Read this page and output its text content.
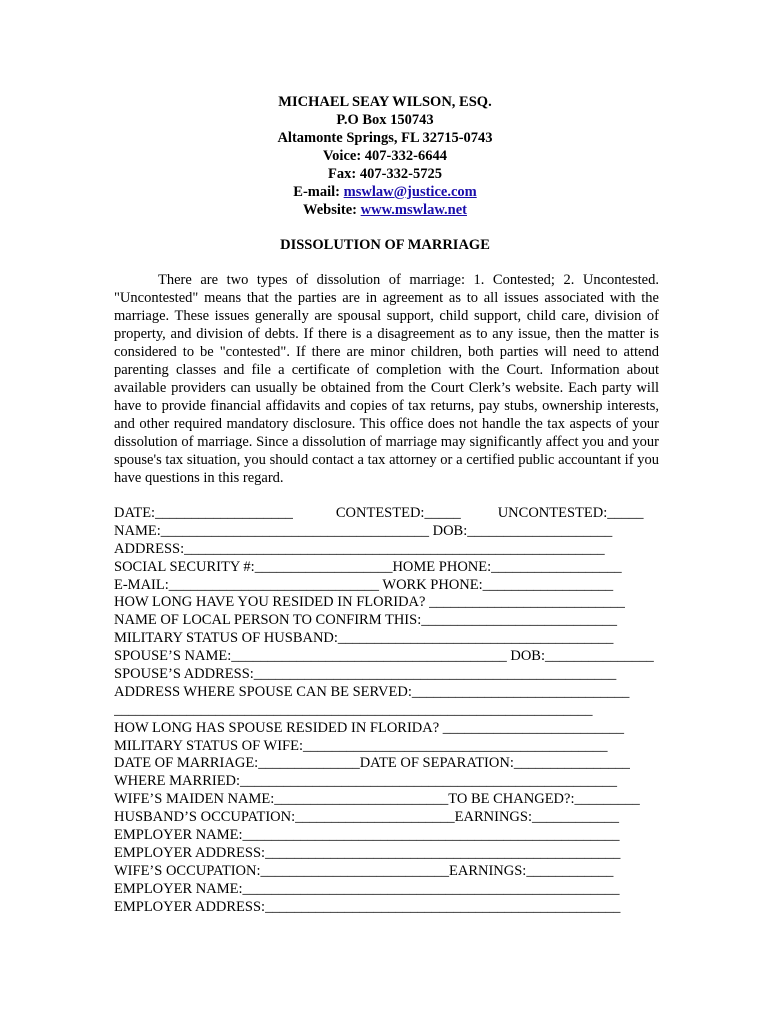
MICHAEL SEAY WILSON, ESQ.
P.O Box 150743
Altamonte Springs, FL 32715-0743
Voice: 407-332-6644
Fax: 407-332-5725
E-mail: mswlaw@justice.com
Website: www.mswlaw.net
DISSOLUTION OF MARRIAGE

There are two types of dissolution of marriage: 1. Contested; 2. Uncontested. "Uncontested" means that the parties are in agreement as to all issues associated with the marriage. These issues generally are spousal support, child support, child care, division of property, and division of debts. If there is a disagreement as to any issue, then the matter is considered to be "contested". If there are minor children, both parties will need to attend parenting classes and file a certificate of completion with the Court. Information about available providers can usually be obtained from the Court Clerk’s website. Each party will have to provide financial affidavits and copies of tax returns, pay stubs, ownership interests, and other required mandatory disclosure. This office does not handle the tax aspects of your dissolution of marriage. Since a dissolution of marriage may significantly affect you and your spouse's tax situation, you should contact a tax attorney or a certified public accountant if you have questions in this regard.

DATE:___________________	CONTESTED:_____	UNCONTESTED:_____
NAME:_____________________________________ DOB:____________________
ADDRESS:__________________________________________________________
SOCIAL SECURITY #:___________________HOME PHONE:__________________
E-MAIL:_____________________________ WORK PHONE:__________________
HOW LONG HAVE YOU RESIDED IN FLORIDA? ___________________________
NAME OF LOCAL PERSON TO CONFIRM THIS:___________________________
MILITARY STATUS OF HUSBAND:______________________________________
SPOUSE’S NAME:______________________________________ DOB:_______________
SPOUSE’S ADDRESS:__________________________________________________
ADDRESS WHERE SPOUSE CAN BE SERVED:______________________________
__________________________________________________________________
HOW LONG HAS SPOUSE RESIDED IN FLORIDA? _________________________
MILITARY STATUS OF WIFE:__________________________________________
DATE OF MARRIAGE:______________DATE OF SEPARATION:________________
WHERE MARRIED:____________________________________________________
WIFE’S MAIDEN NAME:________________________TO BE CHANGED?:_________
HUSBAND’S OCCUPATION:______________________EARNINGS:____________
EMPLOYER NAME:____________________________________________________
EMPLOYER ADDRESS:_________________________________________________
WIFE’S OCCUPATION:__________________________EARNINGS:____________
EMPLOYER NAME:____________________________________________________
EMPLOYER ADDRESS:_________________________________________________
